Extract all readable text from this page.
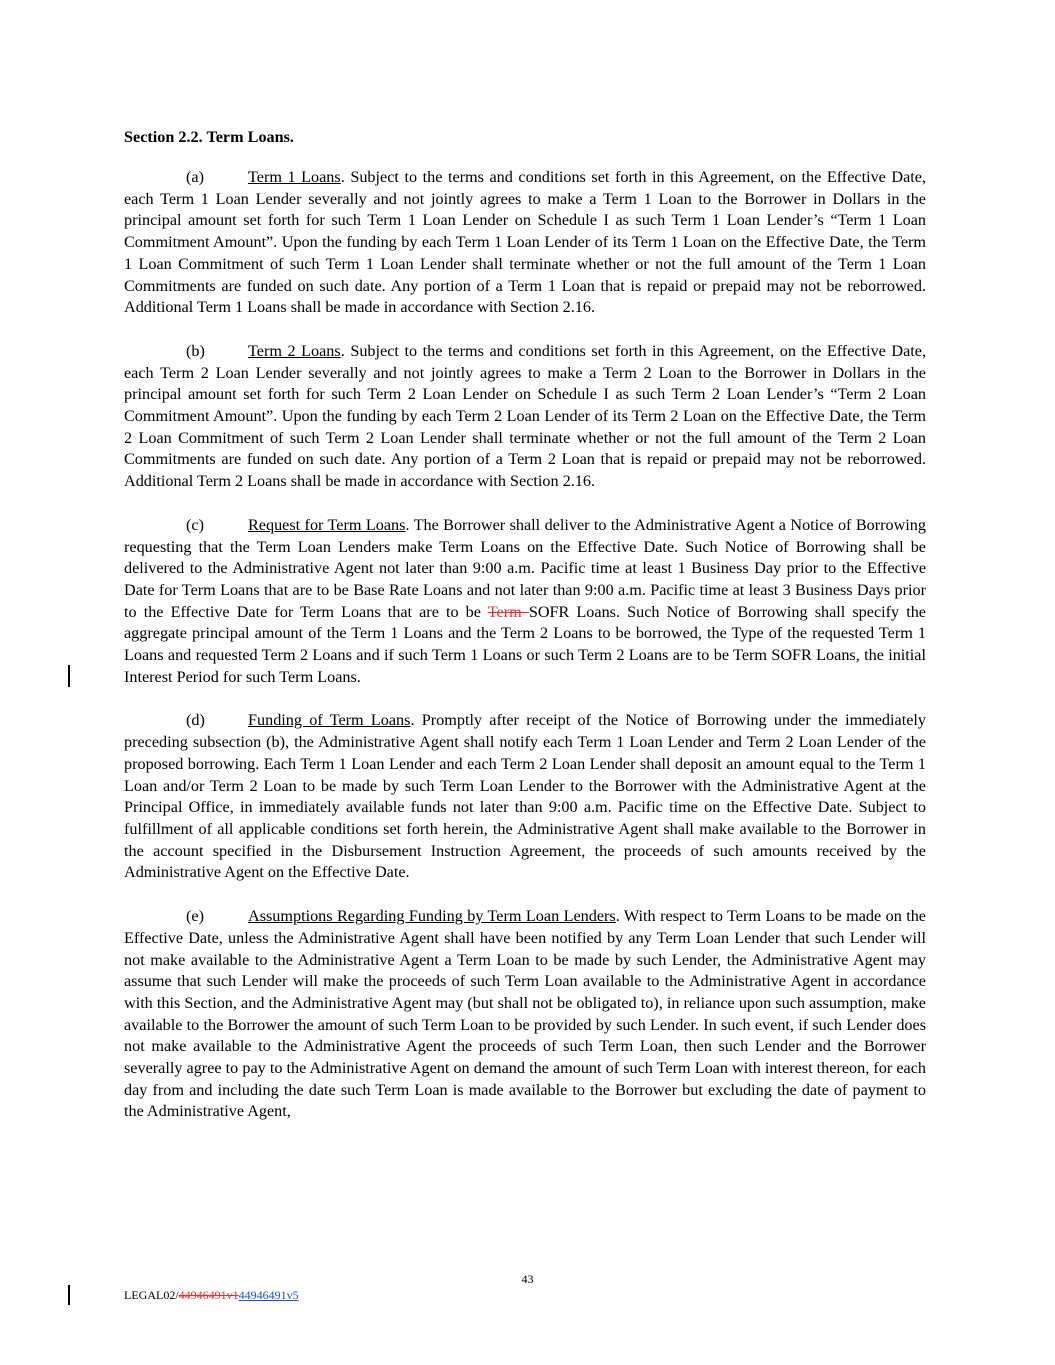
Section 2.2. Term Loans.

(a)	Term 1 Loans. Subject to the terms and conditions set forth in this Agreement, on the Effective Date, each Term 1 Loan Lender severally and not jointly agrees to make a Term 1 Loan to the Borrower in Dollars in the principal amount set forth for such Term 1 Loan Lender on Schedule I as such Term 1 Loan Lender’s “Term 1 Loan Commitment Amount”. Upon the funding by each Term 1 Loan Lender of its Term 1 Loan on the Effective Date, the Term 1 Loan Commitment of such Term 1 Loan Lender shall terminate whether or not the full amount of the Term 1 Loan Commitments are funded on such date. Any portion of a Term 1 Loan that is repaid or prepaid may not be reborrowed. Additional Term 1 Loans shall be made in accordance with Section 2.16.

(b)	Term 2 Loans. Subject to the terms and conditions set forth in this Agreement, on the Effective Date, each Term 2 Loan Lender severally and not jointly agrees to make a Term 2 Loan to the Borrower in Dollars in the principal amount set forth for such Term 2 Loan Lender on Schedule I as such Term 2 Loan Lender’s “Term 2 Loan Commitment Amount”. Upon the funding by each Term 2 Loan Lender of its Term 2 Loan on the Effective Date, the Term 2 Loan Commitment of such Term 2 Loan Lender shall terminate whether or not the full amount of the Term 2 Loan Commitments are funded on such date. Any portion of a Term 2 Loan that is repaid or prepaid may not be reborrowed. Additional Term 2 Loans shall be made in accordance with Section 2.16.

(c)	Request for Term Loans. The Borrower shall deliver to the Administrative Agent a Notice of Borrowing requesting that the Term Loan Lenders make Term Loans on the Effective Date. Such Notice of Borrowing shall be delivered to the Administrative Agent not later than 9:00 a.m. Pacific time at least 1 Business Day prior to the Effective Date for Term Loans that are to be Base Rate Loans and not later than 9:00 a.m. Pacific time at least 3 Business Days prior to the Effective Date for Term Loans that are to be Term SOFR Loans. Such Notice of Borrowing shall specify the aggregate principal amount of the Term 1 Loans and the Term 2 Loans to be borrowed, the Type of the requested Term 1 Loans and requested Term 2 Loans and if such Term 1 Loans or such Term 2 Loans are to be Term SOFR Loans, the initial Interest Period for such Term Loans.

(d)	Funding of Term Loans. Promptly after receipt of the Notice of Borrowing under the immediately preceding subsection (b), the Administrative Agent shall notify each Term 1 Loan Lender and Term 2 Loan Lender of the proposed borrowing. Each Term 1 Loan Lender and each Term 2 Loan Lender shall deposit an amount equal to the Term 1 Loan and/or Term 2 Loan to be made by such Term Loan Lender to the Borrower with the Administrative Agent at the Principal Office, in immediately available funds not later than 9:00 a.m. Pacific time on the Effective Date. Subject to fulfillment of all applicable conditions set forth herein, the Administrative Agent shall make available to the Borrower in the account specified in the Disbursement Instruction Agreement, the proceeds of such amounts received by the Administrative Agent on the Effective Date.

(e)	Assumptions Regarding Funding by Term Loan Lenders. With respect to Term Loans to be made on the Effective Date, unless the Administrative Agent shall have been notified by any Term Loan Lender that such Lender will not make available to the Administrative Agent a Term Loan to be made by such Lender, the Administrative Agent may assume that such Lender will make the proceeds of such Term Loan available to the Administrative Agent in accordance with this Section, and the Administrative Agent may (but shall not be obligated to), in reliance upon such assumption, make available to the Borrower the amount of such Term Loan to be provided by such Lender. In such event, if such Lender does not make available to the Administrative Agent the proceeds of such Term Loan, then such Lender and the Borrower severally agree to pay to the Administrative Agent on demand the amount of such Term Loan with interest thereon, for each day from and including the date such Term Loan is made available to the Borrower but excluding the date of payment to the Administrative Agent,

43
LEGAL02/44946491v144946491v5
